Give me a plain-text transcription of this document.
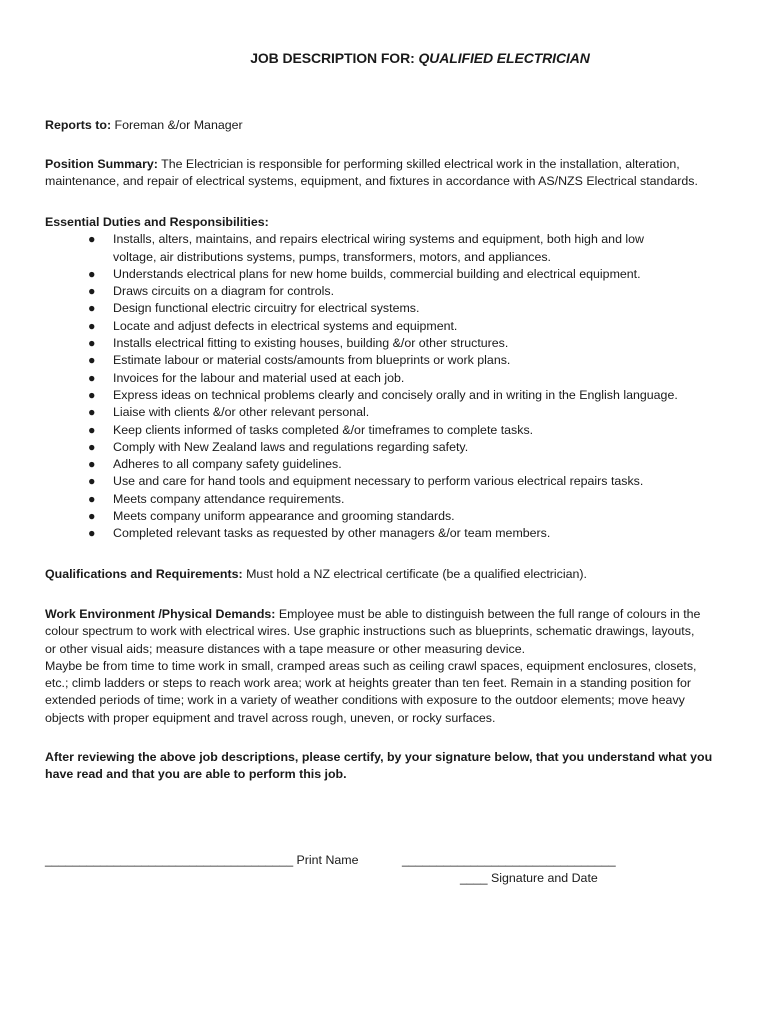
JOB DESCRIPTION FOR: QUALIFIED ELECTRICIAN
Reports to: Foreman &/or Manager

Position Summary: The Electrician is responsible for performing skilled electrical work in the installation, alteration,

maintenance, and repair of electrical systems, equipment, and fixtures in accordance with AS/NZS Electrical standards.

Essential Duties and Responsibilities:

● Installs, alters, maintains, and repairs electrical wiring systems and equipment, both high and low
voltage, air distributions systems, pumps, transformers, motors, and appliances.
● Understands electrical plans for new home builds, commercial building and electrical equipment.
● Draws circuits on a diagram for controls.
● Design functional electric circuitry for electrical systems.
● Locate and adjust defects in electrical systems and equipment.
● Installs electrical fitting to existing houses, building &/or other structures.
● Estimate labour or material costs/amounts from blueprints or work plans.
● Invoices for the labour and material used at each job.
● Express ideas on technical problems clearly and concisely orally and in writing in the English language.
● Liaise with clients &/or other relevant personal.
● Keep clients informed of tasks completed &/or timeframes to complete tasks.
● Comply with New Zealand laws and regulations regarding safety.
● Adheres to all company safety guidelines.
● Use and care for hand tools and equipment necessary to perform various electrical repairs tasks.
● Meets company attendance requirements.
● Meets company uniform appearance and grooming standards.
● Completed relevant tasks as requested by other managers &/or team members.
Qualifications and Requirements: Must hold a NZ electrical certificate (be a qualified electrician).

Work Environment /Physical Demands: Employee must be able to distinguish between the full range of colours in the

colour spectrum to work with electrical wires. Use graphic instructions such as blueprints, schematic drawings, layouts,

or other visual aids; measure distances with a tape measure or other measuring device.

Maybe be from time to time work in small, cramped areas such as ceiling crawl spaces, equipment enclosures, closets,

etc.; climb ladders or steps to reach work area; work at heights greater than ten feet. Remain in a standing position for

extended periods of time; work in a variety of weather conditions with exposure to the outdoor elements; move heavy

objects with proper equipment and travel across rough, uneven, or rocky surfaces.

After reviewing the above job descriptions, please certify, by your signature below, that you understand what you

have read and that you are able to perform this job.

____________________________________ Print Name	_______________________________
____ Signature and Date
